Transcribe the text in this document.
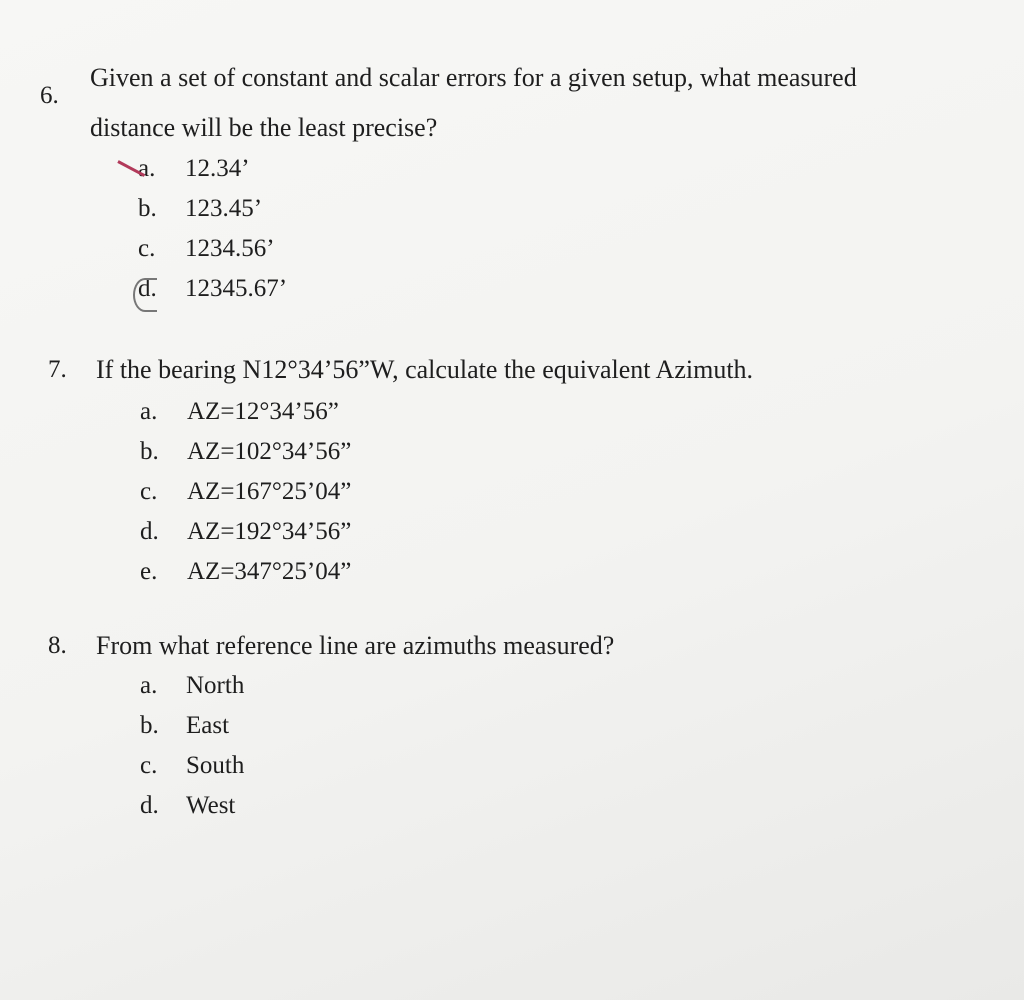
6.
Given a set of constant and scalar errors for a given setup, what measured
distance will be the least precise?
a. 12.34’
b. 123.45’
c. 1234.56’
d. 12345.67’
7. If the bearing N12°34’56”W, calculate the equivalent Azimuth.
a. AZ=12°34’56”
b. AZ=102°34’56”
c. AZ=167°25’04”
d. AZ=192°34’56”
e. AZ=347°25’04”
8. From what reference line are azimuths measured?
a. North
b. East
c. South
d. West
